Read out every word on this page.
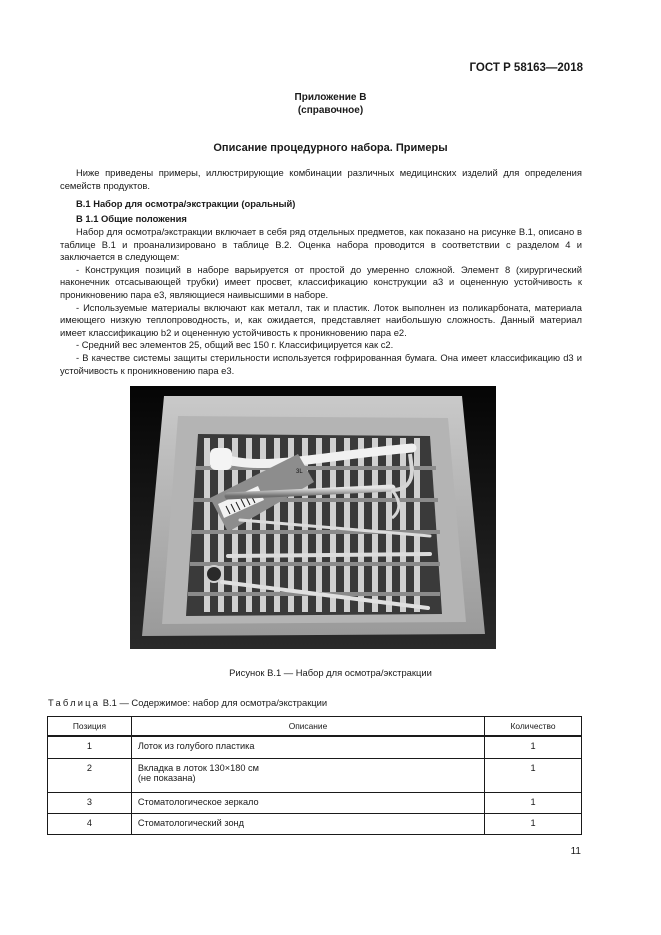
ГОСТ Р 58163—2018
Приложение В
(справочное)
Описание процедурного набора. Примеры

Ниже приведены примеры, иллюстрирующие комбинации различных медицинских изделий для определения семейств продуктов.

В.1 Набор для осмотра/экстракции (оральный)
В 1.1 Общие положения

Набор для осмотра/экстракции включает в себя ряд отдельных предметов, как показано на рисунке В.1, описано в таблице В.1 и проанализировано в таблице В.2. Оценка набора проводится в соответствии с разделом 4 и заключается в следующем:

- Конструкция позиций в наборе варьируется от простой до умеренно сложной. Элемент 8 (хирургический наконечник отсасывающей трубки) имеет просвет, классификацию конструкции a3 и оцененную устойчивость к проникновению пара e3, являющиеся наивысшими в наборе.

- Используемые материалы включают как металл, так и пластик. Лоток выполнен из поликарбоната, материала имеющего низкую теплопроводность, и, как ожидается, представляет наибольшую сложность. Данный материал имеет классификацию b2 и оцененную устойчивость к проникновению пара e2.

- Средний вес элементов 25, общий вес 150 г. Классифицируется как c2.

- В качестве системы защиты стерильности используется гофрированная бумага. Она имеет классификацию d3 и устойчивость к проникновению пара e3.

3L
Рисунок В.1 — Набор для осмотра/экстракции
Таблица В.1 — Содержимое: набор для осмотра/экстракции
Позиция	Описание	Количество
1	Лоток из голубого пластика	1
2	Вкладка в лоток 130×180 см
(не показана)	1
3	Стоматологическое зеркало	1
4	Стоматологический зонд	1
11
